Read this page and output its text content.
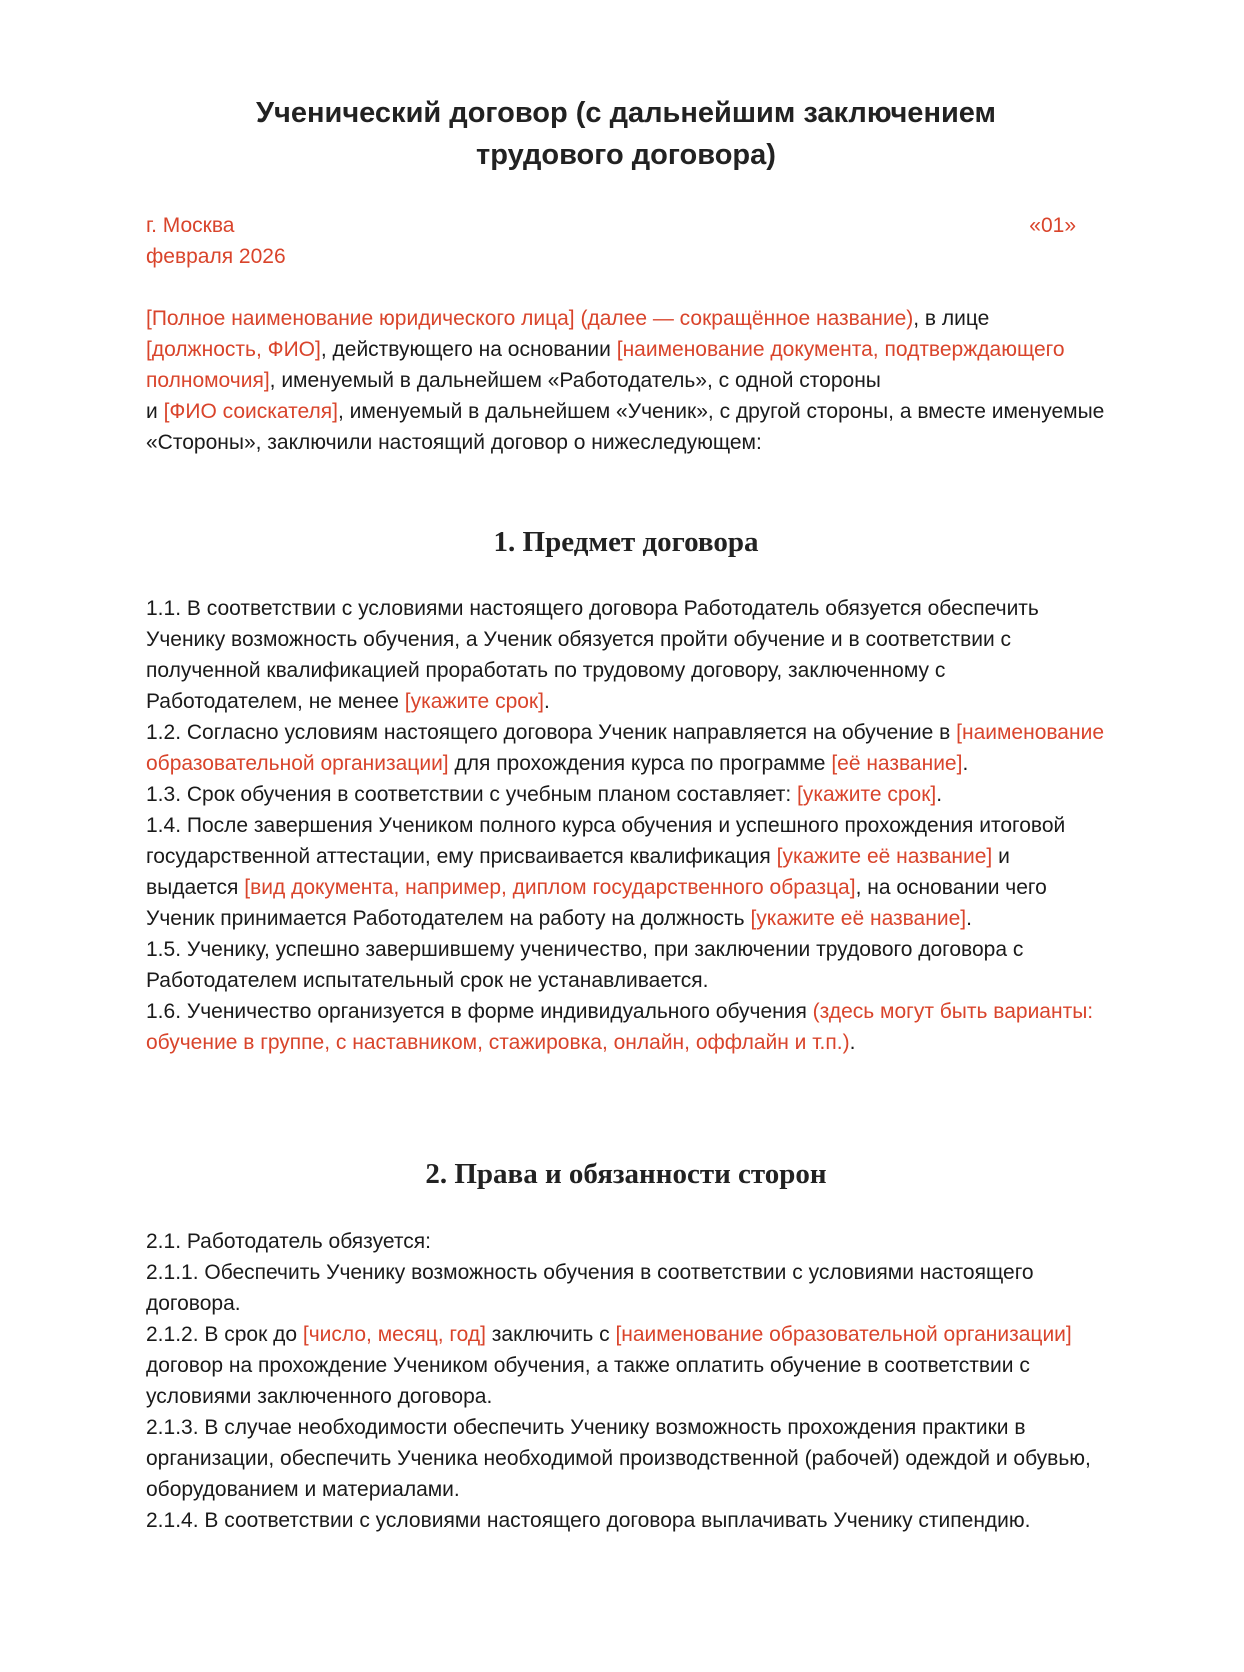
Ученический договор (с дальнейшим заключением
трудового договора)
г. Москва	«01»
февраля 2026
[Полное наименование юридического лица] (далее — сокращённое название), в лице [должность, ФИО], действующего на основании [наименование документа, подтверждающего полномочия], именуемый в дальнейшем «Работодатель», с одной стороны
и [ФИО соискателя], именуемый в дальнейшем «Ученик», с другой стороны, а вместе именуемые «Стороны», заключили настоящий договор о нижеследующем:
1. Предмет договора
1.1. В соответствии с условиями настоящего договора Работодатель обязуется обеспечить Ученику возможность обучения, а Ученик обязуется пройти обучение и в соответствии с полученной квалификацией проработать по трудовому договору, заключенному с Работодателем, не менее [укажите срок].
1.2. Согласно условиям настоящего договора Ученик направляется на обучение в [наименование образовательной организации] для прохождения курса по программе [её название].
1.3. Срок обучения в соответствии с учебным планом составляет: [укажите срок].
1.4. После завершения Учеником полного курса обучения и успешного прохождения итоговой государственной аттестации, ему присваивается квалификация [укажите её название] и выдается [вид документа, например, диплом государственного образца], на основании чего Ученик принимается Работодателем на работу на должность [укажите её название].
1.5. Ученику, успешно завершившему ученичество, при заключении трудового договора с Работодателем испытательный срок не устанавливается.
1.6. Ученичество организуется в форме индивидуального обучения (здесь могут быть варианты: обучение в группе, с наставником, стажировка, онлайн, оффлайн и т.п.).
2. Права и обязанности сторон
2.1. Работодатель обязуется:
2.1.1. Обеспечить Ученику возможность обучения в соответствии с условиями настоящего договора.
2.1.2. В срок до [число, месяц, год] заключить с [наименование образовательной организации] договор на прохождение Учеником обучения, а также оплатить обучение в соответствии с условиями заключенного договора.
2.1.3. В случае необходимости обеспечить Ученику возможность прохождения практики в организации, обеспечить Ученика необходимой производственной (рабочей) одеждой и обувью, оборудованием и материалами.
2.1.4. В соответствии с условиями настоящего договора выплачивать Ученику стипендию.
